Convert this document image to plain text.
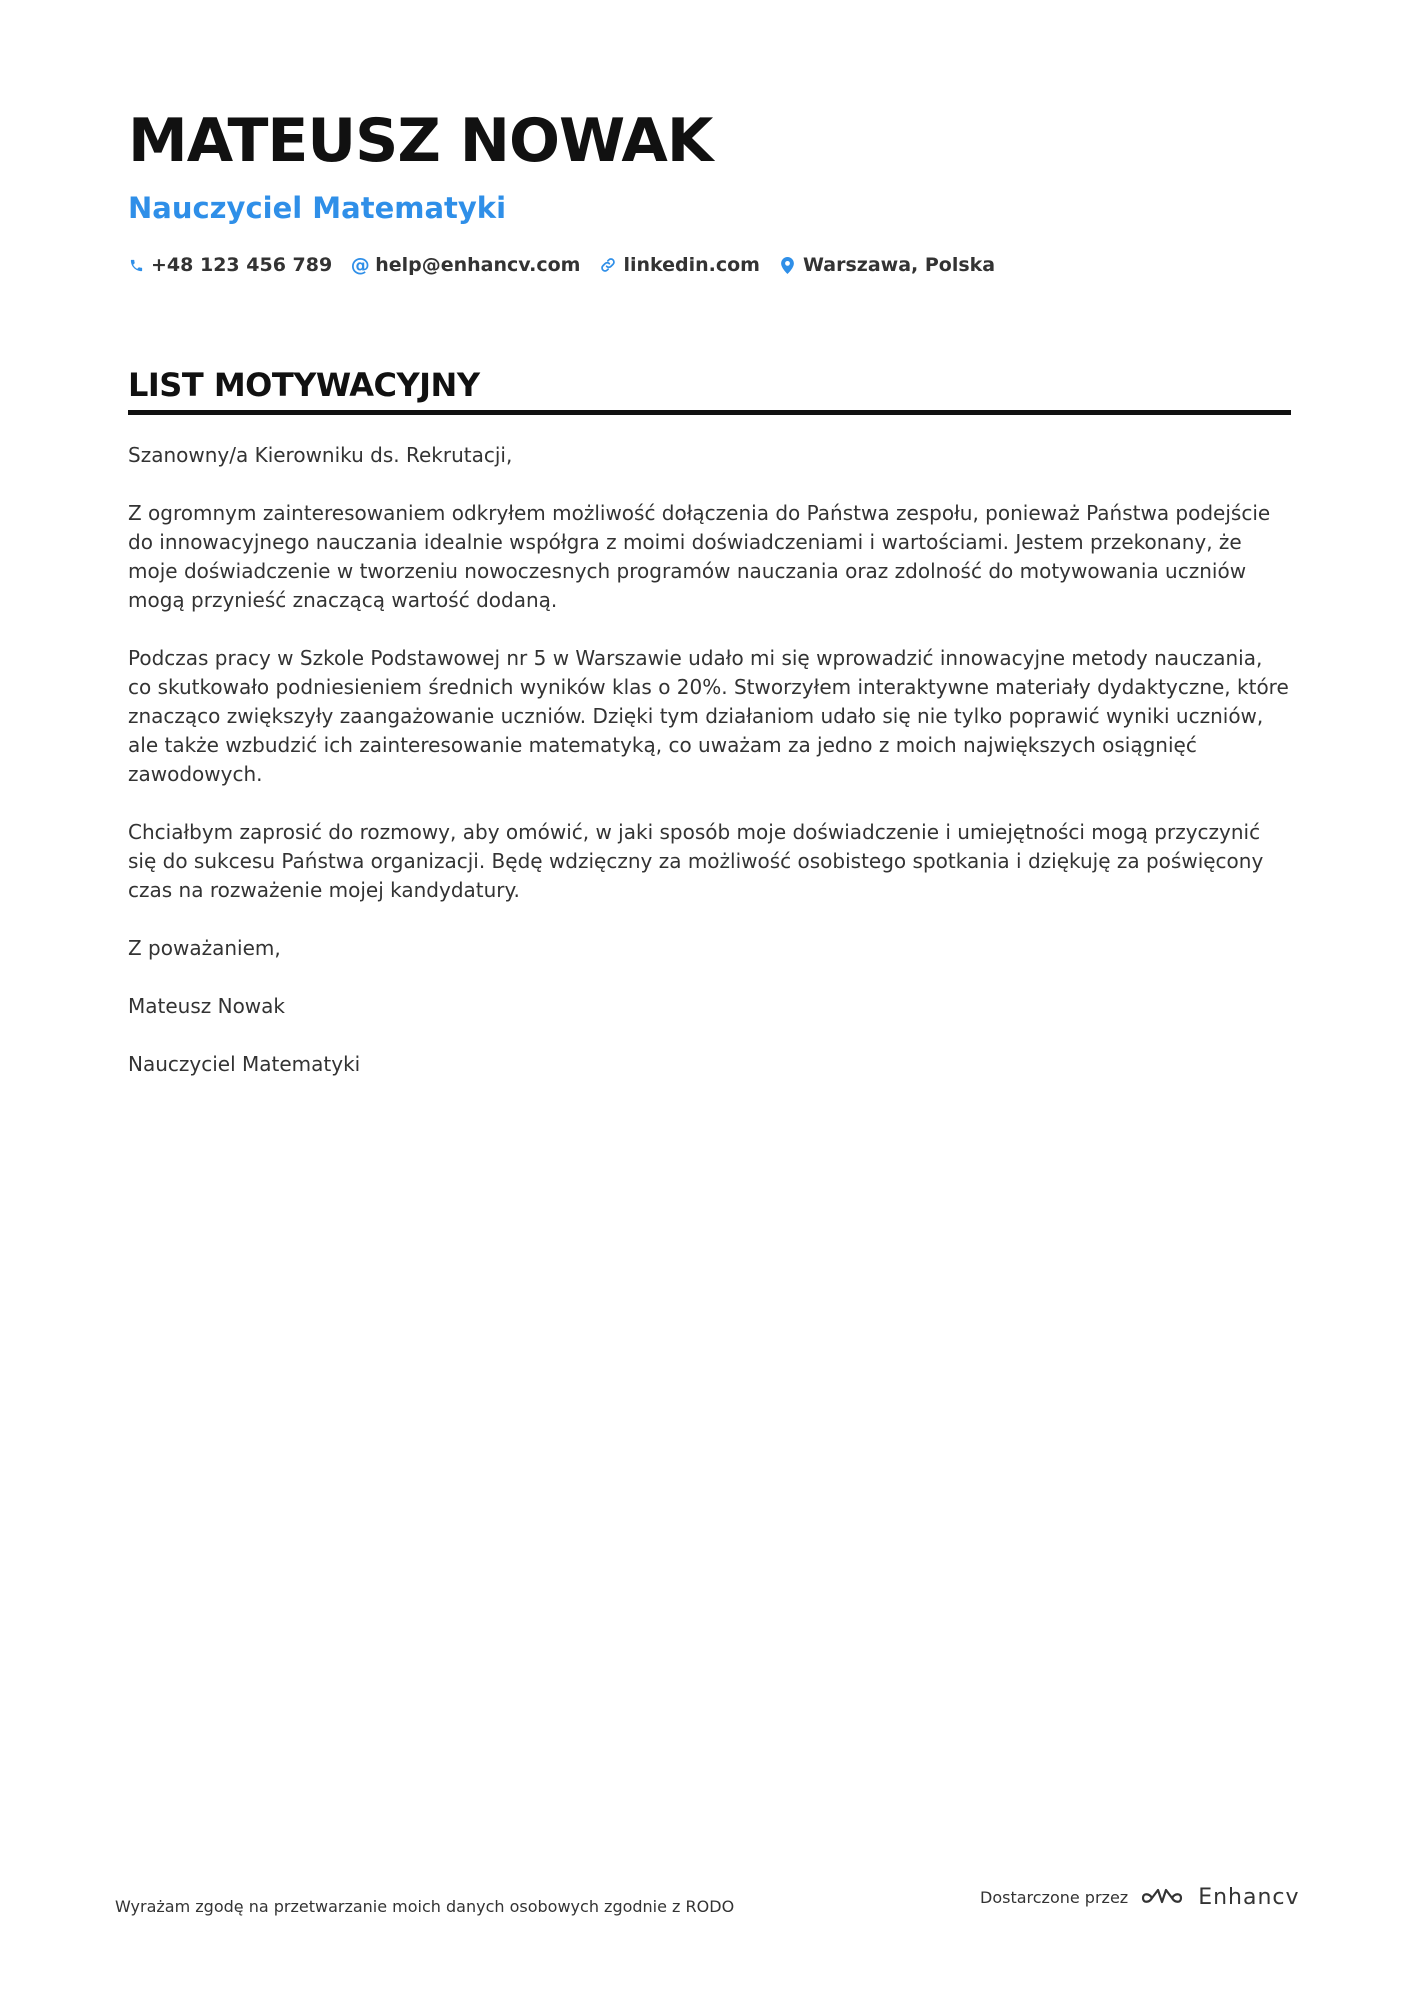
MATEUSZ NOWAK
Nauczyciel Matematyki
+48 123 456 789 @ help@enhancv.com linkedin.com Warszawa, Polska
LIST MOTYWACYJNY

Szanowny/a Kierowniku ds. Rekrutacji,

Z ogromnym zainteresowaniem odkryłem możliwość dołączenia do Państwa zespołu, ponieważ Państwa podejście do innowacyjnego nauczania idealnie współgra z moimi doświadczeniami i wartościami. Jestem przekonany, że moje doświadczenie w tworzeniu nowoczesnych programów nauczania oraz zdolność do motywowania uczniów mogą przynieść znaczącą wartość dodaną.

Podczas pracy w Szkole Podstawowej nr 5 w Warszawie udało mi się wprowadzić innowacyjne metody nauczania, co skutkowało podniesieniem średnich wyników klas o 20%. Stworzyłem interaktywne materiały dydaktyczne, które znacząco zwiększyły zaangażowanie uczniów. Dzięki tym działaniom udało się nie tylko poprawić wyniki uczniów, ale także wzbudzić ich zainteresowanie matematyką, co uważam za jedno z moich największych osiągnięć zawodowych.

Chciałbym zaprosić do rozmowy, aby omówić, w jaki sposób moje doświadczenie i umiejętności mogą przyczynić się do sukcesu Państwa organizacji. Będę wdzięczny za możliwość osobistego spotkania i dziękuję za poświęcony czas na rozważenie mojej kandydatury.

Z poważaniem,

Mateusz Nowak

Nauczyciel Matematyki

Wyrażam zgodę na przetwarzanie moich danych osobowych zgodnie z RODO	Dostarczone przez	Enhancv
